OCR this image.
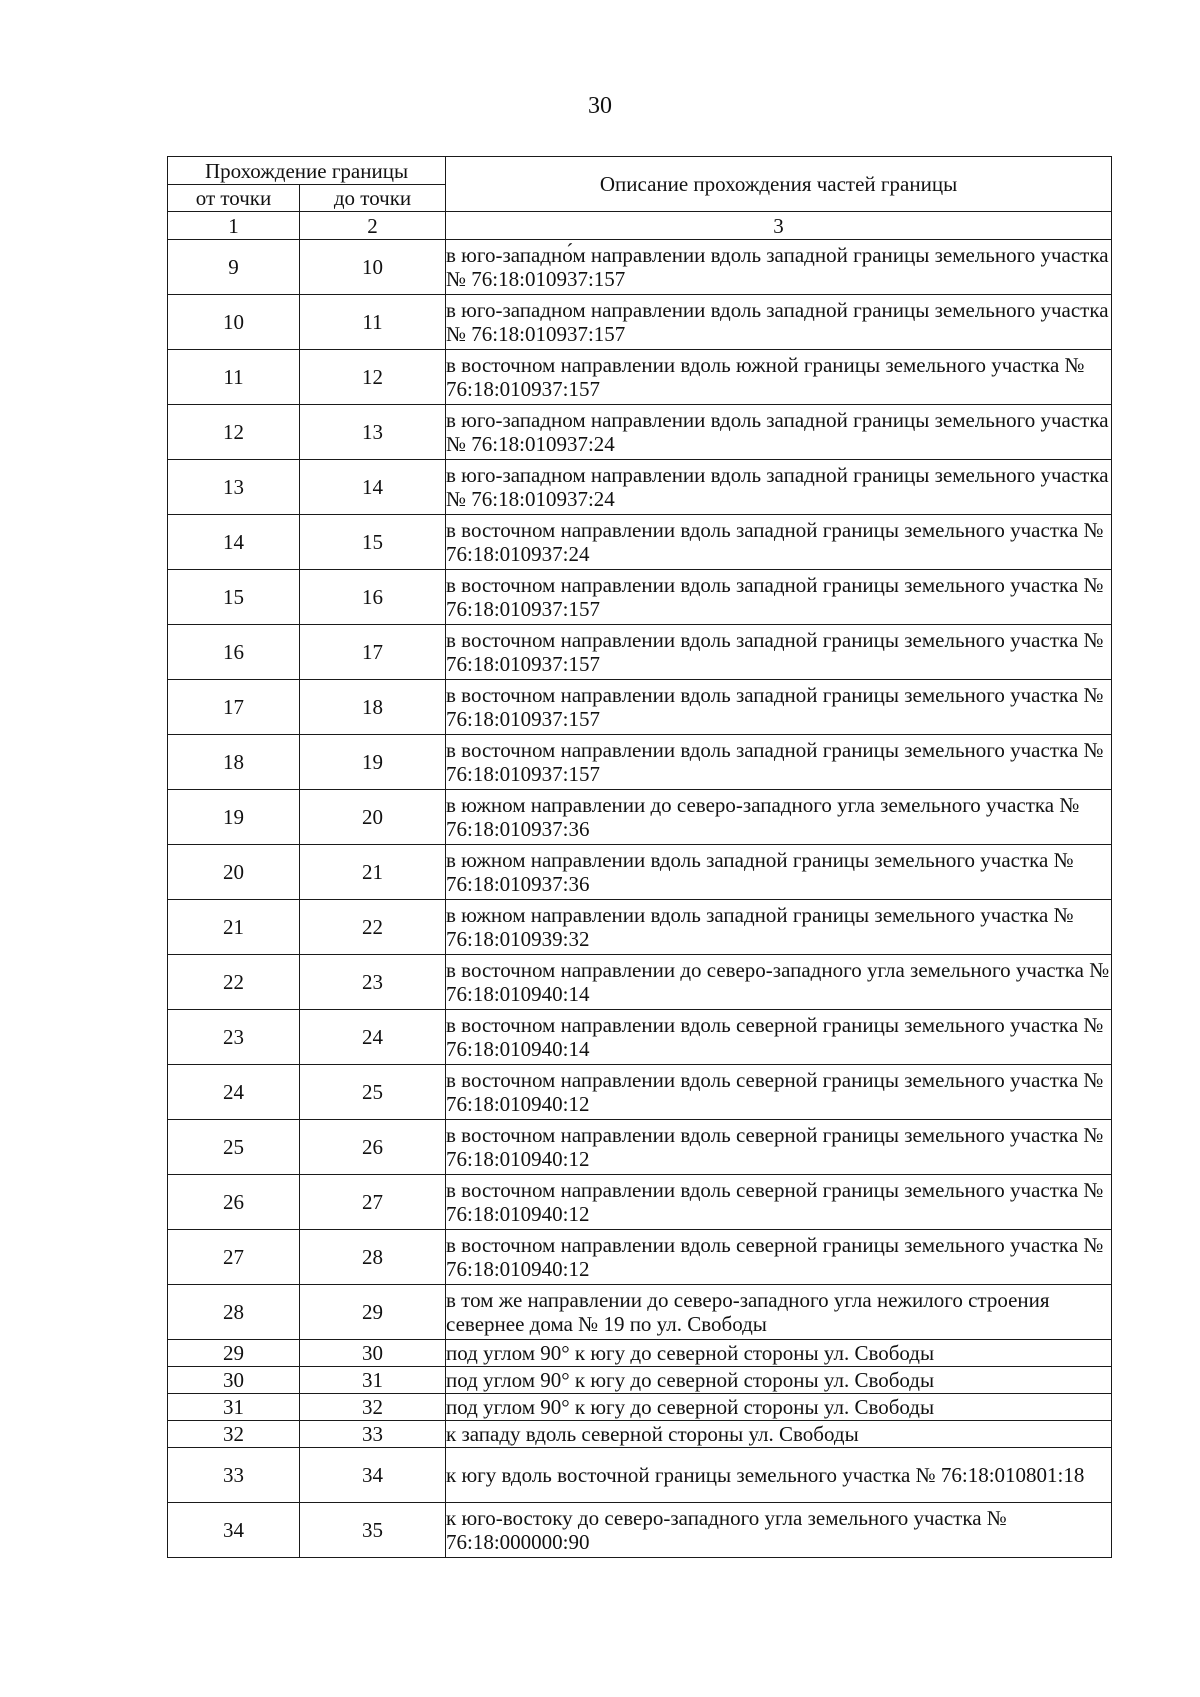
30
Прохождение границы		Описание прохождения частей границы
от точки	до точки	
1	2	3
9	10	в юго-западно́м направлении вдоль западной границы земельного участка № 76:18:010937:157
10	11	в юго-западном направлении вдоль западной границы земельного участка № 76:18:010937:157
11	12	в восточном направлении вдоль южной границы земельного участка № 76:18:010937:157
12	13	в юго-западном направлении вдоль западной границы земельного участка № 76:18:010937:24
13	14	в юго-западном направлении вдоль западной границы земельного участка № 76:18:010937:24
14	15	в восточном направлении вдоль западной границы земельного участка № 76:18:010937:24
15	16	в восточном направлении вдоль западной границы земельного участка № 76:18:010937:157
16	17	в восточном направлении вдоль западной границы земельного участка № 76:18:010937:157
17	18	в восточном направлении вдоль западной границы земельного участка № 76:18:010937:157
18	19	в восточном направлении вдоль западной границы земельного участка № 76:18:010937:157
19	20	в южном направлении до северо-западного угла земельного участка № 76:18:010937:36
20	21	в южном направлении вдоль западной границы земельного участка № 76:18:010937:36
21	22	в южном направлении вдоль западной границы земельного участка № 76:18:010939:32
22	23	в восточном направлении до северо-западного угла земельного участка № 76:18:010940:14
23	24	в восточном направлении вдоль северной границы земельного участка № 76:18:010940:14
24	25	в восточном направлении вдоль северной границы земельного участка № 76:18:010940:12
25	26	в восточном направлении вдоль северной границы земельного участка № 76:18:010940:12
26	27	в восточном направлении вдоль северной границы земельного участка № 76:18:010940:12
27	28	в восточном направлении вдоль северной границы земельного участка № 76:18:010940:12
28	29	в том же направлении до северо-западного угла нежилого строения севернее дома № 19 по ул. Свободы
29	30	под углом 90° к югу до северной стороны ул. Свободы
30	31	под углом 90° к югу до северной стороны ул. Свободы
31	32	под углом 90° к югу до северной стороны ул. Свободы
32	33	к западу вдоль северной стороны ул. Свободы
33	34	к югу вдоль восточной границы земельного участка № 76:18:010801:18
34	35	к юго-востоку до северо-западного угла земельного участка № 76:18:000000:90
